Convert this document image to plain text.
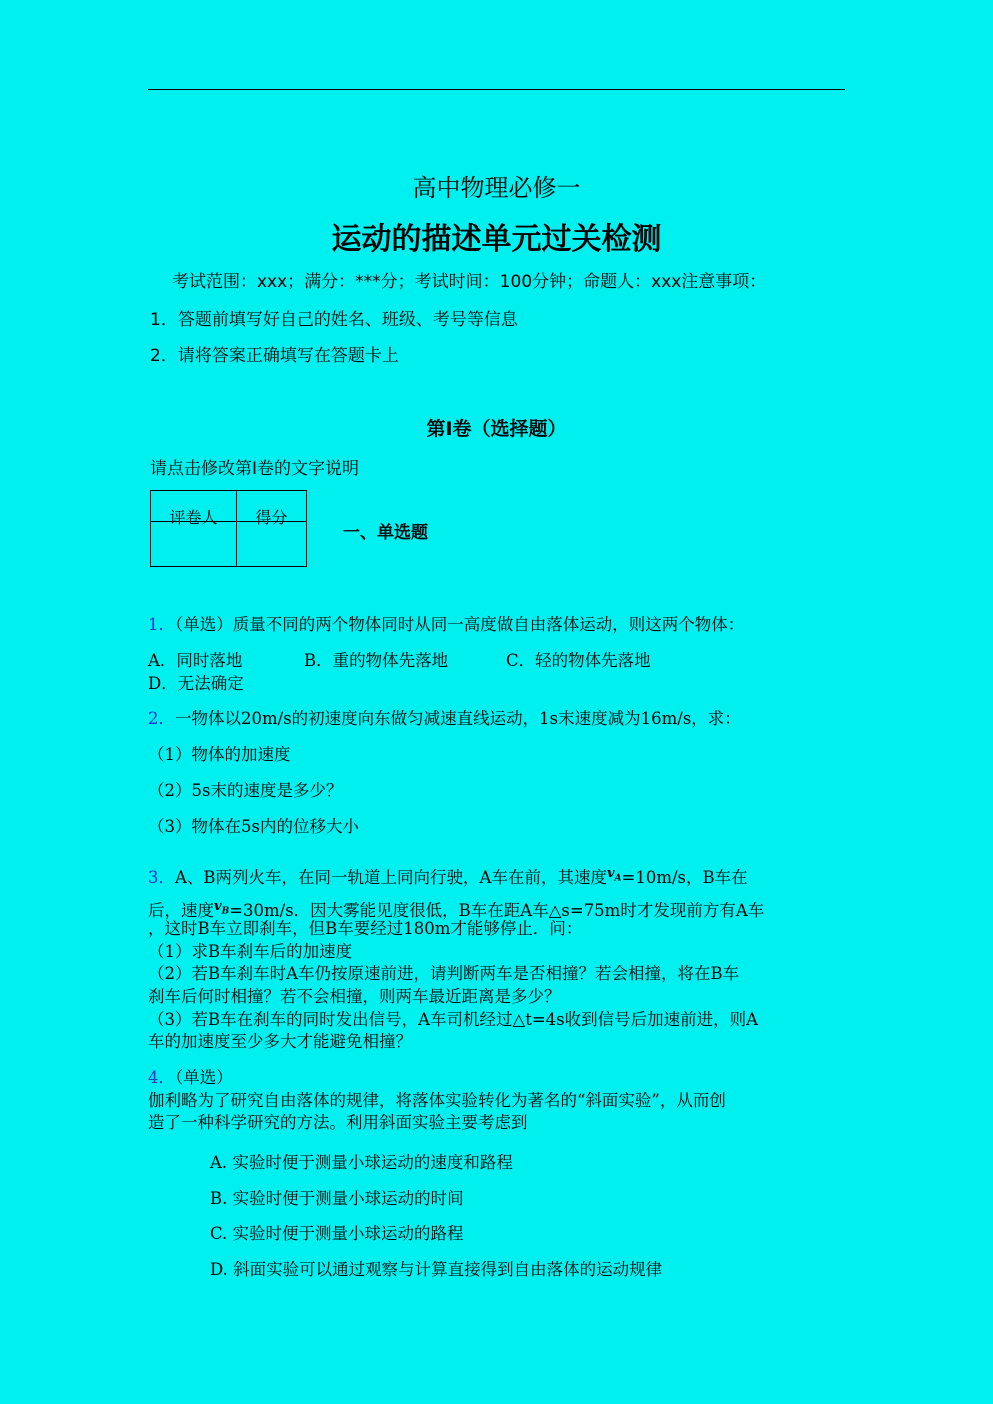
高中物理必修一
运动的描述单元过关检测
考试范围：xxx；满分：***分；考试时间：100分钟；命题人：xxx注意事项：
1．答题前填写好自己的姓名、班级、考号等信息
2．请将答案正确填写在答题卡上
第I卷（选择题）
请点击修改第I卷的文字说明
评卷人	得分

一、单选题
1．（单选）质量不同的两个物体同时从同一高度做自由落体运动，则这两个物体：
A．同时落地	B．重的物体先落地	C．轻的物体先落地
D．无法确定
2．一物体以20m/s的初速度向东做匀减速直线运动，1s末速度减为16m/s，求：
（1）物体的加速度
（2）5s末的速度是多少？
（3）物体在5s内的位移大小
3．A、B两列火车，在同一轨道上同向行驶，A车在前，其速度$^{v_A}$=10m/s，B车在
后，速度$^{v_B}$=30m/s．因大雾能见度很低，B车在距A车△s=75m时才发现前方有A车
，这时B车立即刹车，但B车要经过180m才能够停止．问：
（1）求B车刹车后的加速度
（2）若B车刹车时A车仍按原速前进，请判断两车是否相撞？若会相撞，将在B车
刹车后何时相撞？若不会相撞，则两车最近距离是多少？
（3）若B车在刹车的同时发出信号，A车司机经过△t=4s收到信号后加速前进，则A
车的加速度至少多大才能避免相撞？
4．（单选）
伽利略为了研究自由落体的规律，将落体实验转化为著名的“斜面实验”，从而创
造了一种科学研究的方法。利用斜面实验主要考虑到
A. 实验时便于测量小球运动的速度和路程
B. 实验时便于测量小球运动的时间
C. 实验时便于测量小球运动的路程
D. 斜面实验可以通过观察与计算直接得到自由落体的运动规律
